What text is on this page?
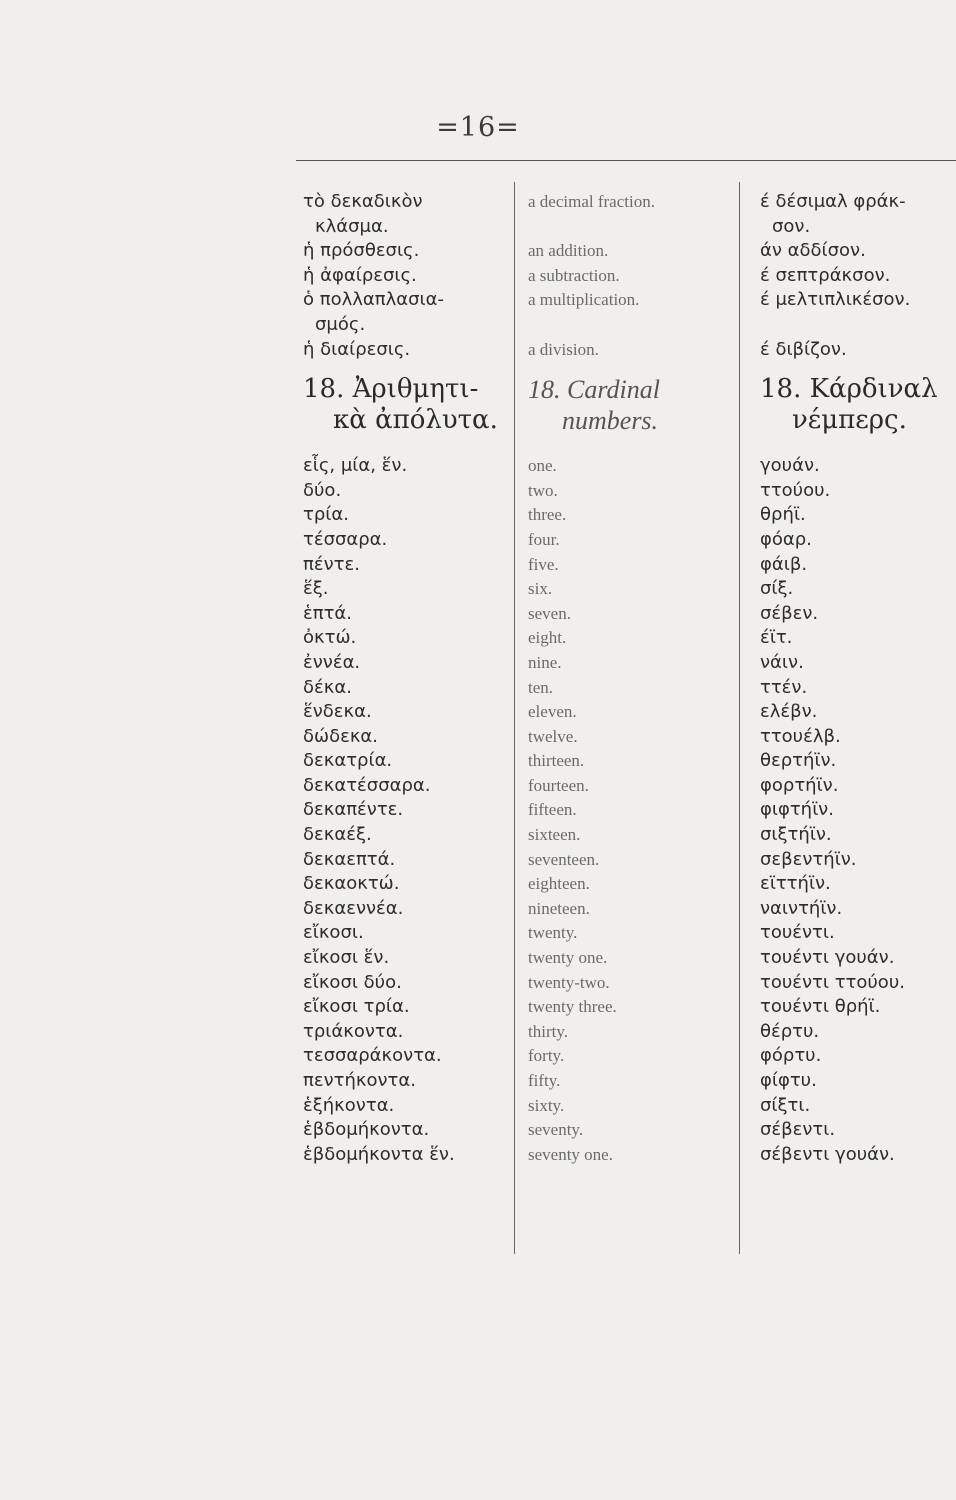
=16=
τὸ δεκαδικὸν
κλάσμα.
ἡ πρόσθεσις.
ἡ ἀφαίρεσις.
ὁ πολλαπλασια-
σμός.
ἡ διαίρεσις.
18. Ἀριθμητι-
κὰ ἀπόλυτα.
εἷς, μία, ἕν.
δύο.
τρία.
τέσσαρα.
πέντε.
ἕξ.
ἑπτά.
ὀκτώ.
ἐννέα.
δέκα.
ἕνδεκα.
δώδεκα.
δεκατρία.
δεκατέσσαρα.
δεκαπέντε.
δεκαέξ.
δεκαεπτά.
δεκαοκτώ.
δεκαεννέα.
εἴκοσι.
εἴκοσι ἕν.
εἴκοσι δύο.
εἴκοσι τρία.
τριάκοντα.
τεσσαράκοντα.
πεντήκοντα.
ἑξήκοντα.
ἑβδομήκοντα.
ἑβδομήκοντα ἕν.
a decimal fraction.
an addition.
a subtraction.
a multiplication.
a division.
18. Cardinal
numbers.
one.
two.
three.
four.
five.
six.
seven.
eight.
nine.
ten.
eleven.
twelve.
thirteen.
fourteen.
fifteen.
sixteen.
seventeen.
eighteen.
nineteen.
twenty.
twenty one.
twenty-two.
twenty three.
thirty.
forty.
fifty.
sixty.
seventy.
seventy one.
έ δέσιμαλ φράκ-
σον.
άν αδδίσον.
έ σεπτράκσον.
έ μελτιπλικέσον.
έ διβίζον.
18. Κάρδιναλ
νέμπερς.
γουάν.
ττούου.
θρήϊ.
φόαρ.
φάιβ.
σίξ.
σέβεν.
έϊτ.
νάιν.
ττέν.
ελέβν.
ττουέλβ.
θερτήϊν.
φορτήϊν.
φιφτήϊν.
σιξτήϊν.
σεβεντήϊν.
εϊττήϊν.
ναιντήϊν.
τουέντι.
τουέντι γουάν.
τουέντι ττούου.
τουέντι θρήϊ.
θέρτυ.
φόρτυ.
φίφτυ.
σίξτι.
σέβεντι.
σέβεντι γουάν.
